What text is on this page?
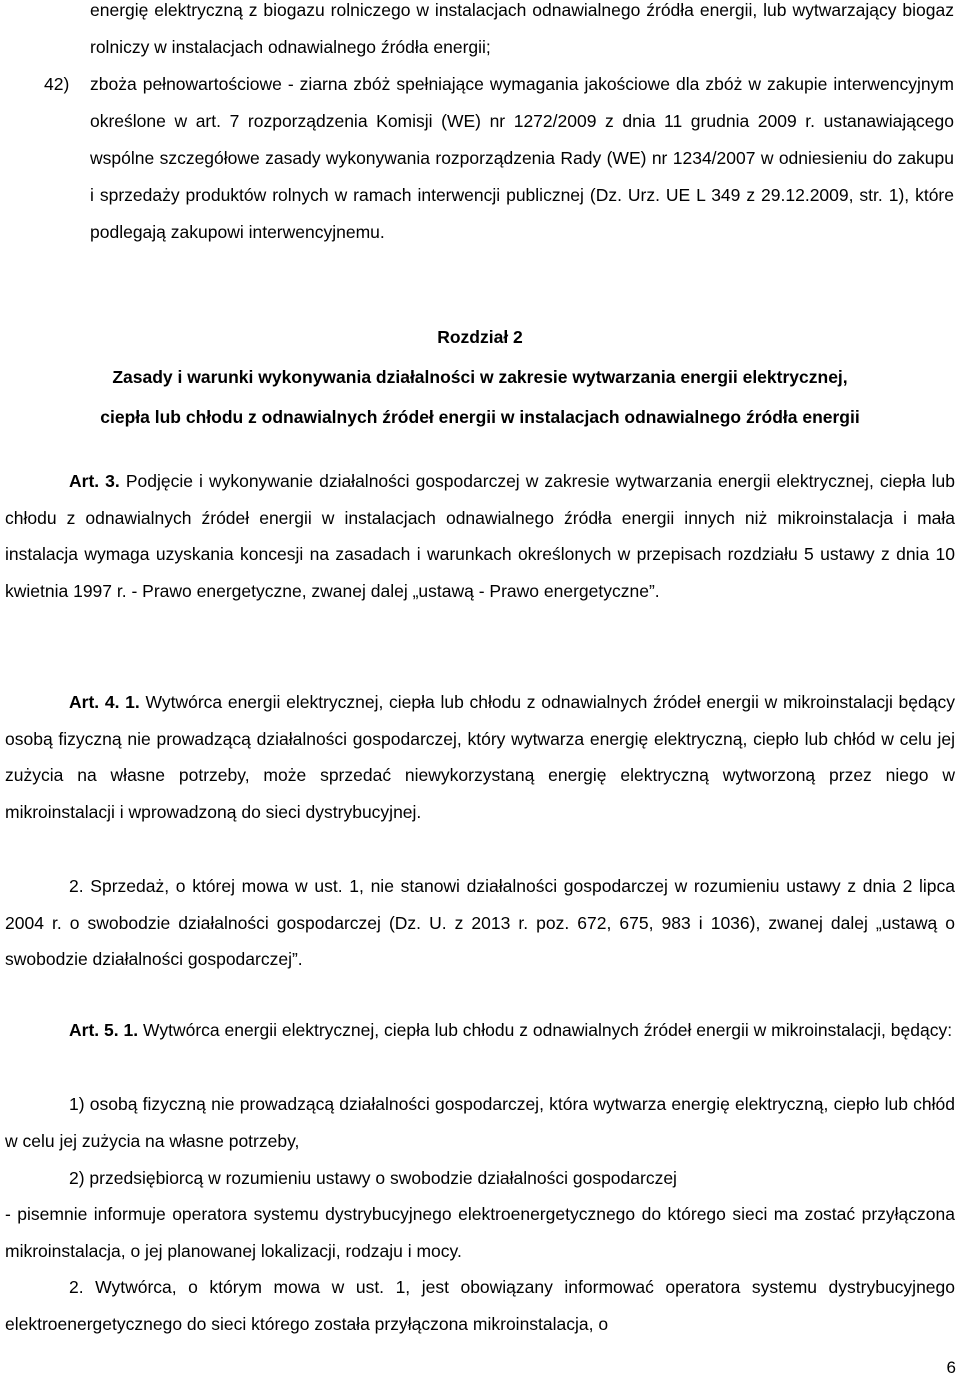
energię elektryczną z biogazu rolniczego w instalacjach odnawialnego źródła energii, lub wytwarzający biogaz rolniczy w instalacjach odnawialnego źródła energii;

42)	zboża pełnowartościowe - ziarna zbóż spełniające wymagania jakościowe dla zbóż w zakupie interwencyjnym określone w art. 7 rozporządzenia Komisji (WE) nr 1272/2009 z dnia 11 grudnia 2009 r. ustanawiającego wspólne szczegółowe zasady wykonywania rozporządzenia Rady (WE) nr 1234/2007 w odniesieniu do zakupu i sprzedaży produktów rolnych w ramach interwencji publicznej (Dz. Urz. UE L 349 z 29.12.2009, str. 1), które podlegają zakupowi interwencyjnemu.
Rozdział 2
Zasady i warunki wykonywania działalności w zakresie wytwarzania energii elektrycznej,
ciepła lub chłodu z odnawialnych źródeł energii w instalacjach odnawialnego źródła energii

Art. 3. Podjęcie i wykonywanie działalności gospodarczej w zakresie wytwarzania energii elektrycznej, ciepła lub chłodu z odnawialnych źródeł energii w instalacjach odnawialnego źródła energii innych niż mikroinstalacja i mała instalacja wymaga uzyskania koncesji na zasadach i warunkach określonych w przepisach rozdziału 5 ustawy z dnia 10 kwietnia 1997 r. - Prawo energetyczne, zwanej dalej „ustawą - Prawo energetyczne”.

Art. 4. 1. Wytwórca energii elektrycznej, ciepła lub chłodu z odnawialnych źródeł energii w mikroinstalacji będący osobą fizyczną nie prowadzącą działalności gospodarczej, który wytwarza energię elektryczną, ciepło lub chłód w celu jej zużycia na własne potrzeby, może sprzedać niewykorzystaną energię elektryczną wytworzoną przez niego w mikroinstalacji i wprowadzoną do sieci dystrybucyjnej.

2. Sprzedaż, o której mowa w ust. 1, nie stanowi działalności gospodarczej w rozumieniu ustawy z dnia 2 lipca 2004 r. o swobodzie działalności gospodarczej (Dz. U. z 2013 r. poz. 672, 675, 983 i 1036), zwanej dalej „ustawą o swobodzie działalności gospodarczej”.

Art. 5. 1. Wytwórca energii elektrycznej, ciepła lub chłodu z odnawialnych źródeł energii w mikroinstalacji, będący:

1) osobą fizyczną nie prowadzącą działalności gospodarczej, która wytwarza energię elektryczną, ciepło lub chłód w celu jej zużycia na własne potrzeby,

2) przedsiębiorcą w rozumieniu ustawy o swobodzie działalności gospodarczej

- pisemnie informuje operatora systemu dystrybucyjnego elektroenergetycznego do którego sieci ma zostać przyłączona mikroinstalacja, o jej planowanej lokalizacji, rodzaju i mocy.

2. Wytwórca, o którym mowa w ust. 1, jest obowiązany informować operatora systemu dystrybucyjnego elektroenergetycznego do sieci którego została przyłączona mikroinstalacja, o

6
